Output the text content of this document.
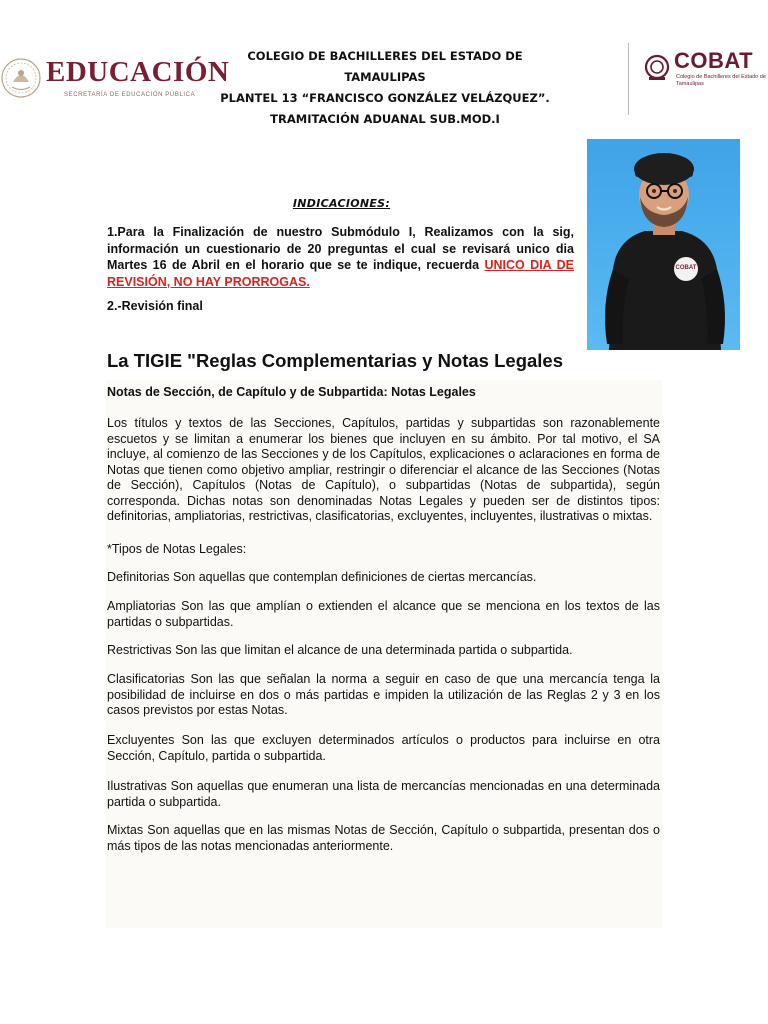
EDUCACIÓN
SECRETARÍA DE EDUCACIÓN PÚBLICA
COLEGIO DE BACHILLERES DEL ESTADO DE TAMAULIPAS
PLANTEL 13 “FRANCISCO GONZÁLEZ VELÁZQUEZ”.
TRAMITACIÓN ADUANAL SUB.MOD.I
COBAT
Colegio de Bachilleres del Estado de Tamaulipas
COBAT
INDICACIONES:
1.Para la Finalización de nuestro Submódulo I, Realizamos con la sig, información un cuestionario de 20 preguntas el cual se revisará unico dia Martes 16 de Abril en el horario que se te indique, recuerda UNICO DIA DE REVISIÓN, NO HAY PRORROGAS.
2.-Revisión final
La TIGIE "Reglas Complementarias y Notas Legales
Notas de Sección, de Capítulo y de Subpartida: Notas Legales
Los títulos y textos de las Secciones, Capítulos, partidas y subpartidas son razonablemente escuetos y se limitan a enumerar los bienes que incluyen en su ámbito. Por tal motivo, el SA incluye, al comienzo de las Secciones y de los Capítulos, explicaciones o aclaraciones en forma de Notas que tienen como objetivo ampliar, restringir o diferenciar el alcance de las Secciones (Notas de Sección), Capítulos (Notas de Capítulo), o subpartidas (Notas de subpartida), según corresponda. Dichas notas son denominadas Notas Legales y pueden ser de distintos tipos: definitorias, ampliatorias, restrictivas, clasificatorias, excluyentes, incluyentes, ilustrativas o mixtas.
*Tipos de Notas Legales:
Definitorias Son aquellas que contemplan definiciones de ciertas mercancías.
Ampliatorias Son las que amplían o extienden el alcance que se menciona en los textos de las partidas o subpartidas.
Restrictivas Son las que limitan el alcance de una determinada partida o subpartida.
Clasificatorias Son las que señalan la norma a seguir en caso de que una mercancía tenga la posibilidad de incluirse en dos o más partidas e impiden la utilización de las Reglas 2 y 3 en los casos previstos por estas Notas.
Excluyentes Son las que excluyen determinados artículos o productos para incluirse en otra Sección, Capítulo, partida o subpartida.
Ilustrativas Son aquellas que enumeran una lista de mercancías mencionadas en una determinada partida o subpartida.
Mixtas Son aquellas que en las mismas Notas de Sección, Capítulo o subpartida, presentan dos o más tipos de las notas mencionadas anteriormente.
